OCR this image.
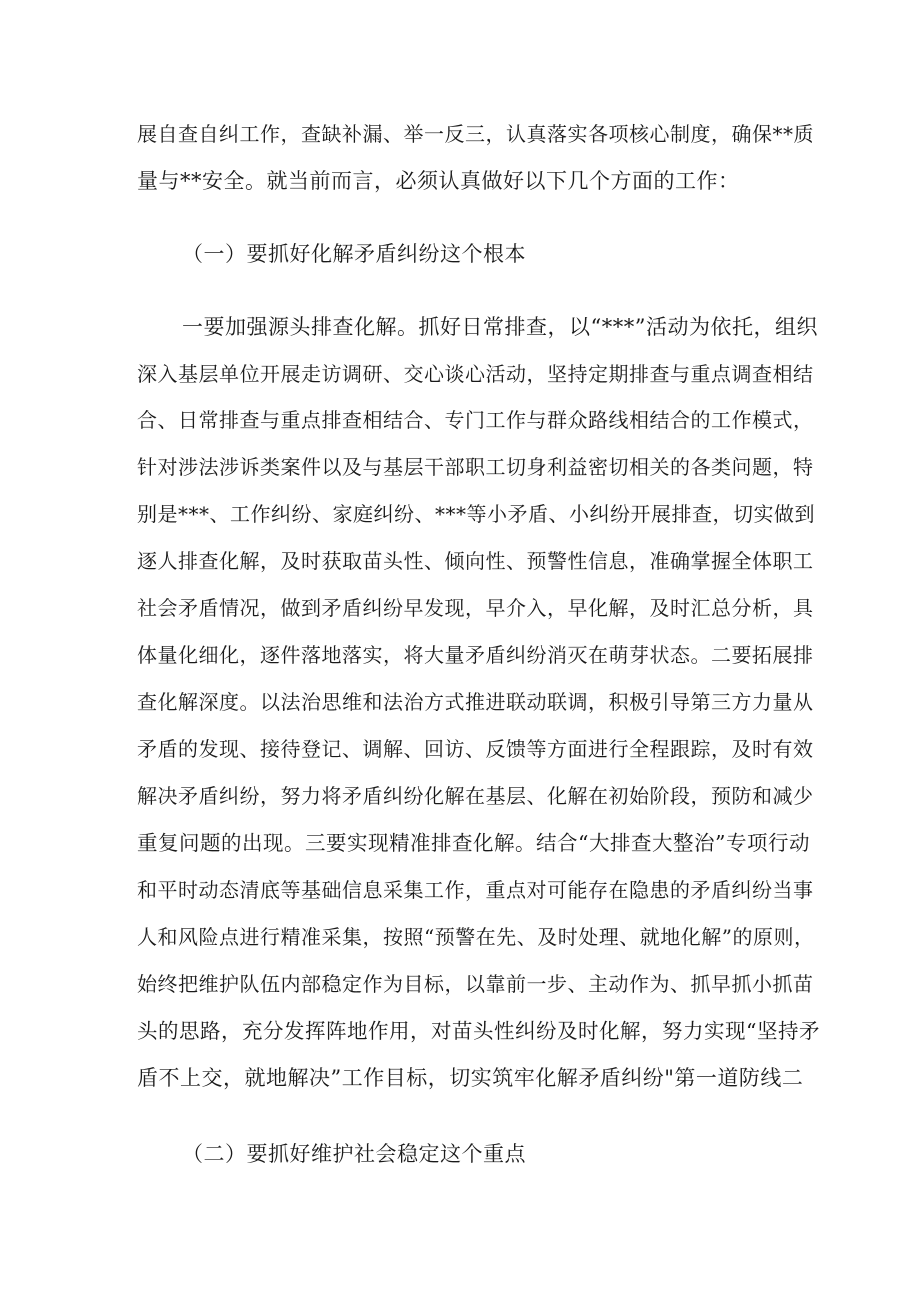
展自查自纠工作，查缺补漏、举一反三，认真落实各项核心制度，确保**质
量与**安全。就当前而言，必须认真做好以下几个方面的工作：
（一）要抓好化解矛盾纠纷这个根本
一要加强源头排查化解。抓好日常排查，以“***”活动为依托，组织
深入基层单位开展走访调研、交心谈心活动，坚持定期排查与重点调查相结
合、日常排查与重点排查相结合、专门工作与群众路线相结合的工作模式，
针对涉法涉诉类案件以及与基层干部职工切身利益密切相关的各类问题，特
别是***、工作纠纷、家庭纠纷、***等小矛盾、小纠纷开展排查，切实做到
逐人排查化解，及时获取苗头性、倾向性、预警性信息，准确掌握全体职工
社会矛盾情况，做到矛盾纠纷早发现，早介入，早化解，及时汇总分析，具
体量化细化，逐件落地落实，将大量矛盾纠纷消灭在萌芽状态。二要拓展排
查化解深度。以法治思维和法治方式推进联动联调，积极引导第三方力量从
矛盾的发现、接待登记、调解、回访、反馈等方面进行全程跟踪，及时有效
解决矛盾纠纷，努力将矛盾纠纷化解在基层、化解在初始阶段，预防和减少
重复问题的出现。三要实现精准排查化解。结合“大排查大整治”专项行动
和平时动态清底等基础信息采集工作，重点对可能存在隐患的矛盾纠纷当事
人和风险点进行精准采集，按照“预警在先、及时处理、就地化解”的原则，
始终把维护队伍内部稳定作为目标，以靠前一步、主动作为、抓早抓小抓苗
头的思路，充分发挥阵地作用，对苗头性纠纷及时化解，努力实现“坚持矛
盾不上交，就地解决”工作目标，切实筑牢化解矛盾纠纷"第一道防线二
（二）要抓好维护社会稳定这个重点
